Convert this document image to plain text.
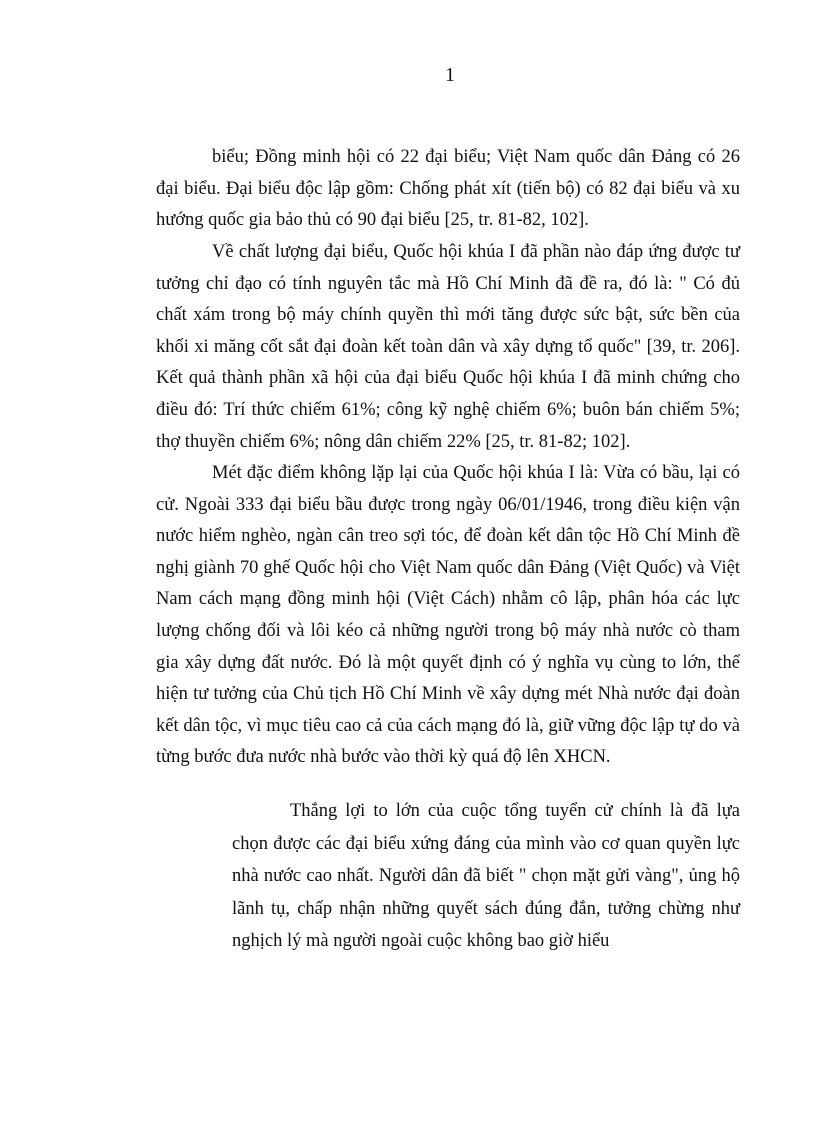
1

biểu; Đồng minh hội có 22 đại biểu; Việt Nam quốc dân Đảng có 26 đại biểu. Đại biểu độc lập gồm: Chống phát xít (tiến bộ) có 82 đại biểu và xu hướng quốc gia bảo thủ có 90 đại biểu [25, tr. 81-82, 102].

Về chất lượng đại biểu, Quốc hội khúa I đã phần nào đáp ứng được tư tưởng chỉ đạo có tính nguyên tắc mà Hồ Chí Minh đã đề ra, đó là: " Có đủ chất xám trong bộ máy chính quyền thì mới tăng được sức bật, sức bền của khối xi măng cốt sắt đại đoàn kết toàn dân và xây dựng tổ quốc" [39, tr. 206]. Kết quả thành phần xã hội của đại biểu Quốc hội khúa I đã minh chứng cho điều đó: Trí thức chiếm 61%; công kỹ nghệ chiếm 6%; buôn bán chiếm 5%; thợ thuyền chiếm 6%; nông dân chiếm 22% [25, tr. 81-82; 102].

Mét đặc điểm không lặp lại của Quốc hội khúa I là: Vừa có bầu, lại có cử. Ngoài 333 đại biểu bầu được trong ngày 06/01/1946, trong điều kiện vận nước hiểm nghèo, ngàn cân treo sợi tóc, để đoàn kết dân tộc Hồ Chí Minh đề nghị giành 70 ghế Quốc hội cho Việt Nam quốc dân Đảng (Việt Quốc) và Việt Nam cách mạng đồng minh hội (Việt Cách) nhằm cô lập, phân hóa các lực lượng chống đối và lôi kéo cả những người trong bộ máy nhà nước cò tham gia xây dựng đất nước. Đó là một quyết định có ý nghĩa vụ cùng to lớn, thể hiện tư tưởng của Chủ tịch Hồ Chí Minh về xây dựng mét Nhà nước đại đoàn kết dân tộc, vì mục tiêu cao cả của cách mạng đó là, giữ vững độc lập tự do và từng bước đưa nước nhà bước vào thời kỳ quá độ lên XHCN.

Thắng lợi to lớn của cuộc tổng tuyển cử chính là đã lựa chọn được các đại biểu xứng đáng của mình vào cơ quan quyền lực nhà nước cao nhất. Người dân đã biết " chọn mặt gửi vàng", ủng hộ lãnh tụ, chấp nhận những quyết sách đúng đắn, tưởng chừng như nghịch lý mà người ngoài cuộc không bao giờ hiểu
